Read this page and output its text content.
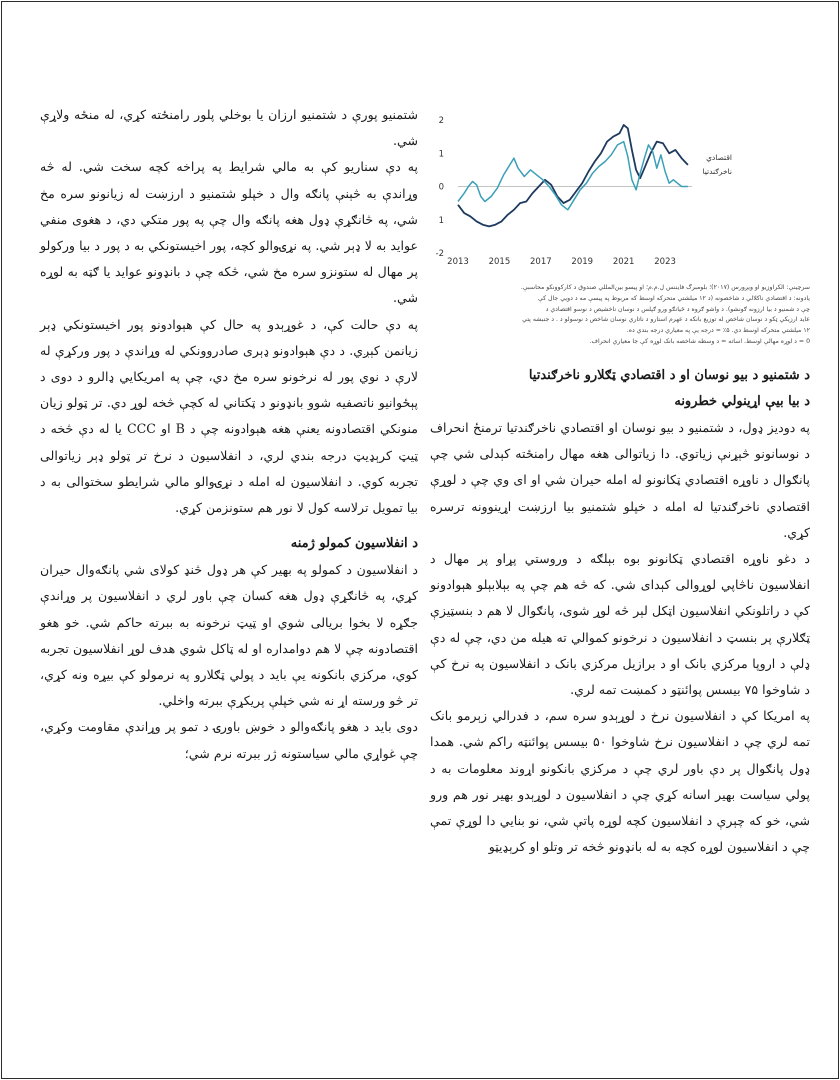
2
1
0
1
-2
2013 2015 2017 2019 2021 2023
اقتصادي
ناخرګندتيا

سرچينې: الکراوزيو او ويږورس (۲۰۱۷)؛ بلومبرګ فايننس ل.م.م؛ او پيسو بين‌المللي صندوق د کارکوونکو محاسبې.

يادونه: د اقتصادي ناکلالي د شاخصونه (د ۱۲ ميلشتي متحرکه اوسط که مربوط په پيسې مه د دويي جال کې

چې د شمنيو د بيا ارزونه ګونشو). د واشو ګروه د څيانګو ورو ګپلس د نوسان ناخشيص د نوسو اقتصادي د

عايد ارزيکي ټکو د نوسان شاخص له توزيع بانکه د عهرم استارو د ناتاري نوسان شاخص د نوسولو د . د جنبشه پتي

۱۲ ميلشتي متحرکه اوسط دي. ۵٪ = درجه يې په معياري درجه بندي ده.

0 = د لوړه مهالې اوسط. اساته = د وسطه شاخصه بانک لوړه کې جا معياري انحراف.

د شتمنيو د بيو نوسان او د اقتصادي ټګلارو ناخرګندتيا

د بيا بيې اړينولي خطرونه

په دوديز ډول، د شتمنيو د بيو نوسان او اقتصادي ناخرګندتيا ترمنځ انحراف د نوسانونو څېړنې زياتوي. دا زياتوالی هغه مهال رامنځته کېدلی شي چې پانګوال د ناوړه اقتصادي ټکانونو له امله حيران شي او ای وي چې د لوړې اقتصادي ناخرګندتيا له امله د خپلو شتمنيو بيا ارزښت اړينوونه ترسره کړي.

د دغو ناوړه اقتصادي ټکانونو بوه بېلګه د وروستي پړاو پر مهال د انفلاسيون ناڅاپي لوړوالی کېدای شي. که څه هم چې په بېلابېلو هېوادونو کې د راتلونکي انفلاسيون اټکل لېر څه لوړ شوی، پانګوال لا هم د بنسټيزې ټګلارې پر بنسټ د انفلاسيون د نرخونو کموالي ته هيله من دي، چې له دې ډلې د اروپا مرکزي بانک او د برازيل مرکزي بانک د انفلاسيون په نرخ کې د شاوخوا ۷۵ بيسس پوائنټو د کمښت تمه لري.

په امريکا کې د انفلاسيون نرخ د لوړېدو سره سم، د فدرالي زېرمو بانک تمه لري چې د انفلاسيون نرخ شاوخوا ۵۰ بيسس پوائنټه راکم شي. همدا ډول پانګوال پر دې باور لري چې د مرکزي بانکونو اړوند معلومات به د پولي سياست بهير اسانه کړي چې د انفلاسيون د لوړېدو بهير نور هم ورو شي، خو که چېرې د انفلاسيون کچه لوړه پاتې شي، نو بنايي دا لوړې تمې چې د انفلاسيون لوړه کچه به له بانډونو څخه تر وتلو او کرېډيټو

شتمنيو پورې د شتمنيو ارزان يا بوخلي پلور رامنځته کړي، له منځه ولاړې شي.

په دې سناريو کې به مالي شرايط په پراخه کچه سخت شي. له څه وړاندې به څېنې پانګه وال د خپلو شتمنيو د ارزښت له زيانونو سره مخ شي، په څانګړې ډول هغه پانګه وال چې په پور متکي دي، د هغوی منفي عوايد به لا ډېر شي. په نړۍوالو کچه، پور اخيستونکي به د پور د بيا ورکولو پر مهال له ستونزو سره مخ شي، څکه چې د بانډونو عوايد يا ګټه به لوړه شي.

په دې حالت کې، د غوړېدو په حال کې هېوادونو پور اخيستونکي ډېر زيانمن کېږي. د دې هېوادونو ډېری صادروونکي له وړاندې د پور ورکړې له لارې د نوي پور له نرخونو سره مخ دي، چې په امريکايي ډالرو د دوی د پېځوانيو ناتصفيه شوو بانډونو د ټکتاني له کچې څخه لوړ دي. تر ټولو زيان منونکي اقتصادونه يعنې هغه هېوادونه چې د B او CCC يا له دې څخه د ټيټ کرېډيټ درجه بندي لري، د انفلاسيون د نرخ تر ټولو ډېر زياتوالی تجربه کوي. د انفلاسيون له امله د نړۍوالو مالي شرايطو سختوالی به د بيا تمويل ترلاسه کول لا نور هم ستونزمن کړي.

د انفلاسيون کمولو ژمنه

د انفلاسيون د کمولو په بهير کې هر ډول څنډ کولای شي پانګه‌وال حيران کړي، په څانګړې ډول هغه کسان چې باور لري د انفلاسيون پر وړاندې جګړه لا بخوا بريالی شوي او ټيټ نرخونه به ببرته حاکم شي. خو هغو اقتصادونه چې لا هم دوامداره او له ټاکل شوي هدف لوړ انفلاسيون تجربه کوي، مرکزي بانکونه يې بايد د پولي ټګلارو په نرمولو کې بيړه ونه کړي، تر څو ورسته اړ نه شي خپلې پريکړې ببرته واخلي.

دوی بايد د هغو پانګه‌والو د خوښ باورۍ د تمو پر وړاندې مقاومت وکړي، چې غواړي مالي سياستونه ژر ببرته نرم شي؛
